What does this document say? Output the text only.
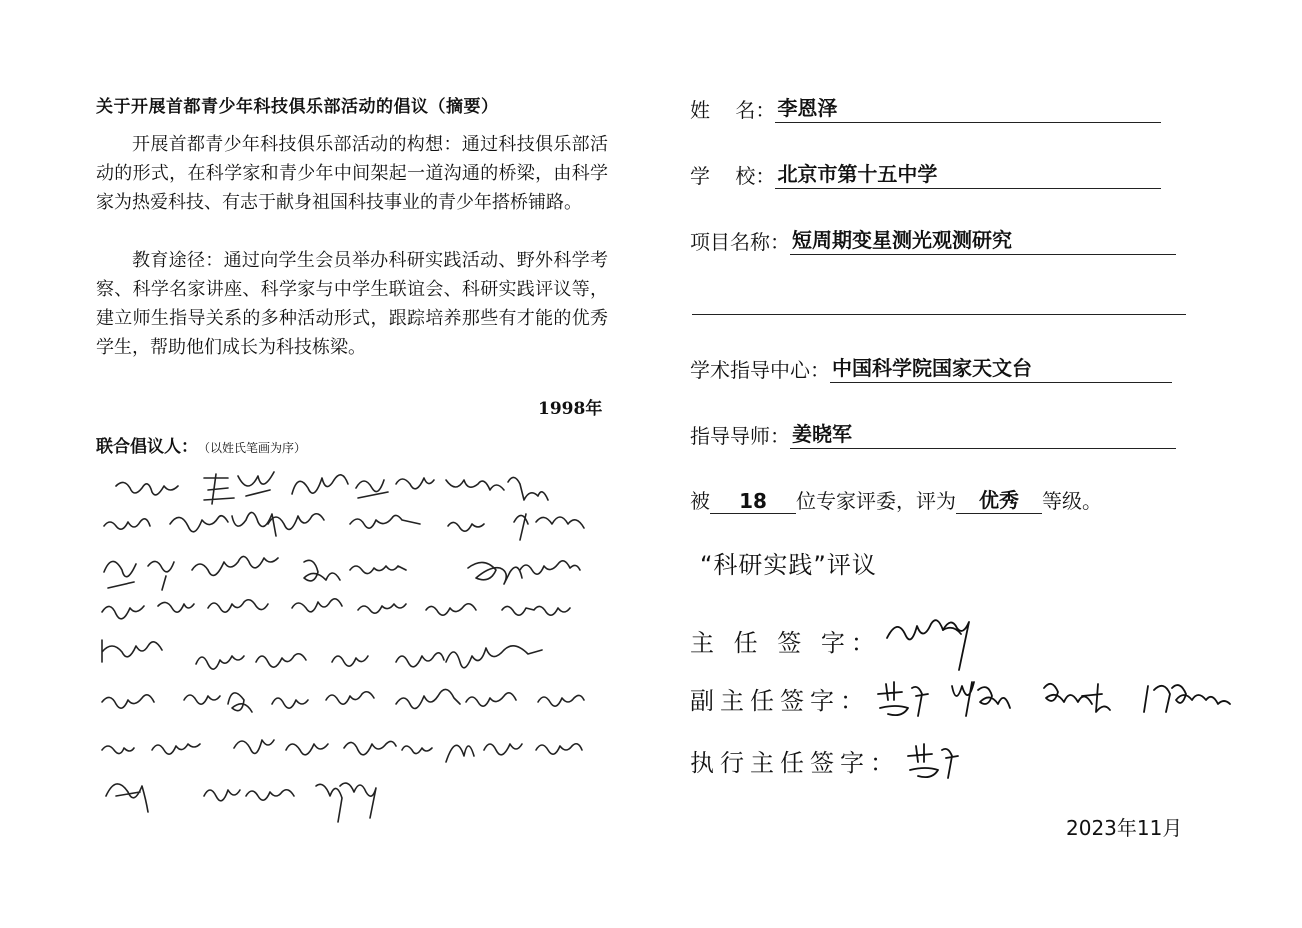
关于开展首都青少年科技俱乐部活动的倡议（摘要）
开展首都青少年科技俱乐部活动的构想：通过科技俱乐部活动的形式，在科学家和青少年中间架起一道沟通的桥梁，由科学家为热爱科技、有志于献身祖国科技事业的青少年搭桥铺路。
教育途径：通过向学生会员举办科研实践活动、野外科学考察、科学名家讲座、科学家与中学生联谊会、科研实践评议等，建立师生指导关系的多种活动形式，跟踪培养那些有才能的优秀学生，帮助他们成长为科技栋梁。
1998年
联合倡议人： （以姓氏笔画为序）
姓    名： 李恩泽
学    校： 北京市第十五中学
项目名称： 短周期变星测光观测研究
学术指导中心： 中国科学院国家天文台
指导导师： 姜晓军
被	18	位专家评委，评为	优秀	等级。
“科研实践”评议
主 任 签 字：
副主任签字：
执行主任签字：
2023年11月
